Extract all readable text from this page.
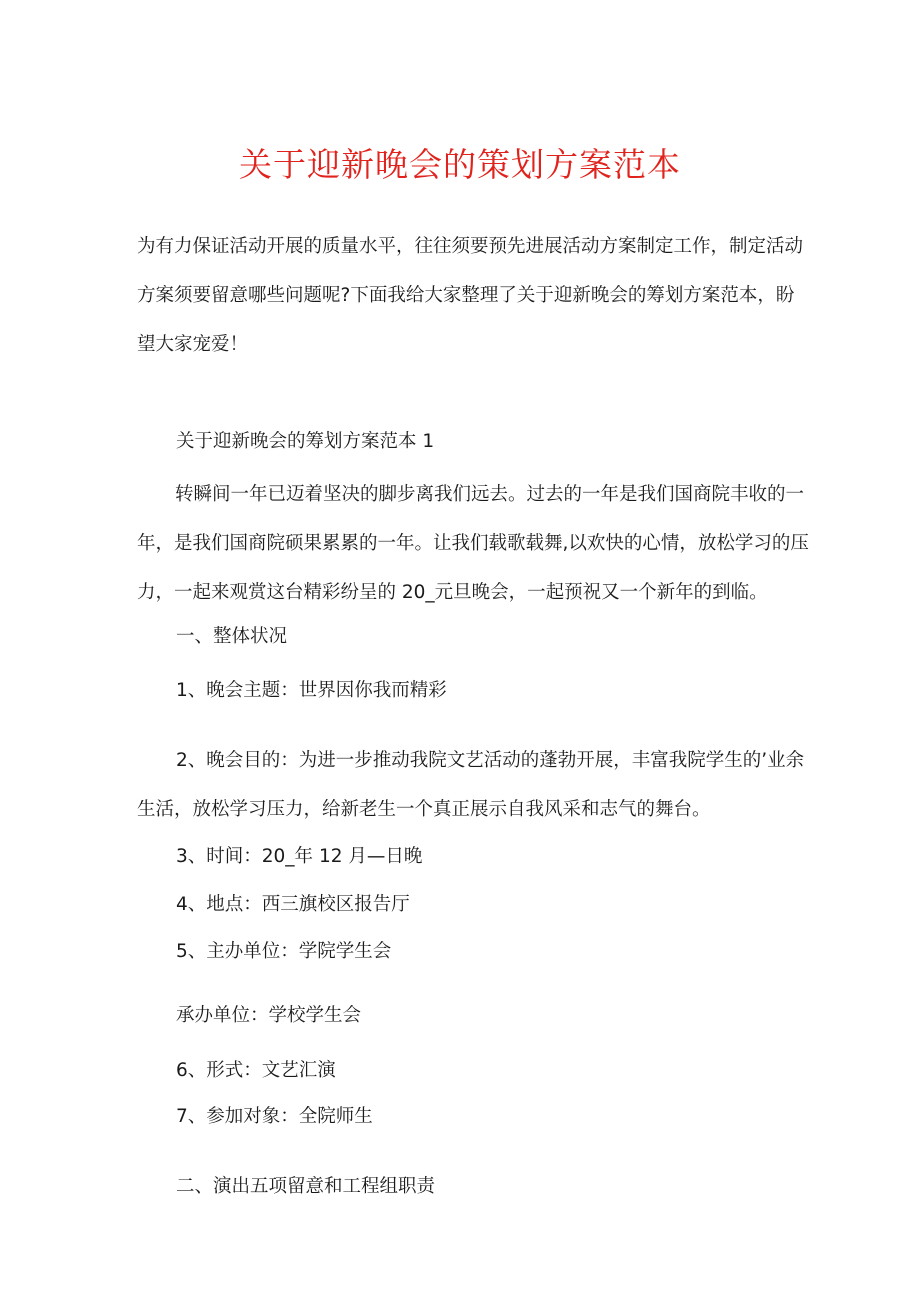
关于迎新晚会的策划方案范本
为有力保证活动开展的质量水平，往往须要预先进展活动方案制定工作，制定活动方案须要留意哪些问题呢?下面我给大家整理了关于迎新晚会的筹划方案范本，盼望大家宠爱！
关于迎新晚会的筹划方案范本 1
转瞬间一年已迈着坚决的脚步离我们远去。过去的一年是我们国商院丰收的一年，是我们国商院硕果累累的一年。让我们载歌载舞,以欢快的心情，放松学习的压力，一起来观赏这台精彩纷呈的 20_元旦晚会，一起预祝又一个新年的到临。
一、整体状况
1、晚会主题：世界因你我而精彩
2、晚会目的：为进一步推动我院文艺活动的蓬勃开展，丰富我院学生的’业余生活，放松学习压力，给新老生一个真正展示自我风采和志气的舞台。
3、时间：20_年 12 月—日晚
4、地点：西三旗校区报告厅
5、主办单位：学院学生会
承办单位：学校学生会
6、形式：文艺汇演
7、参加对象：全院师生
二、演出五项留意和工程组职责
